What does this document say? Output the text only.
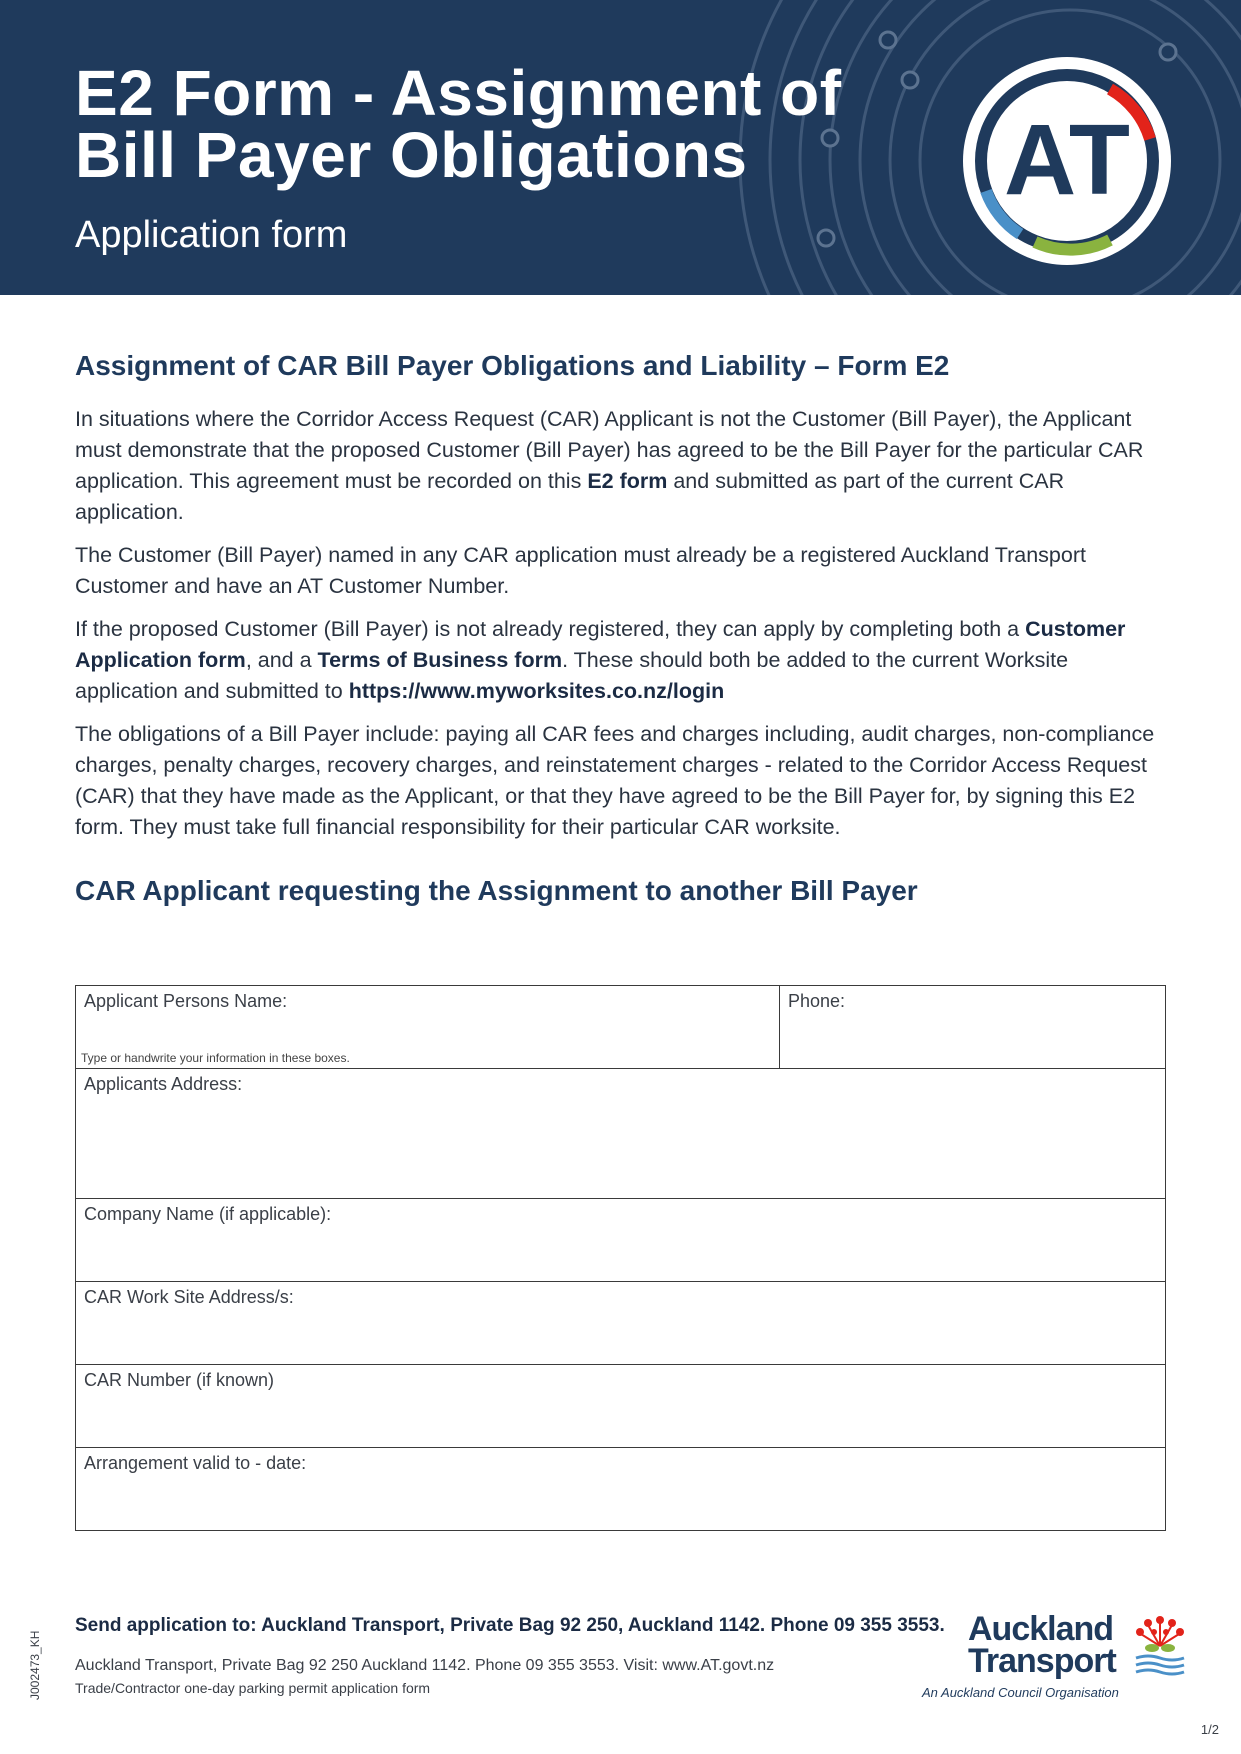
E2 Form - Assignment of
Bill Payer Obligations
Application form
AT
Assignment of CAR Bill Payer Obligations and Liability – Form E2

In situations where the Corridor Access Request (CAR) Applicant is not the Customer (Bill Payer), the Applicant must demonstrate that the proposed Customer (Bill Payer) has agreed to be the Bill Payer for the particular CAR application. This agreement must be recorded on this E2 form and submitted as part of the current CAR application.

The Customer (Bill Payer) named in any CAR application must already be a registered Auckland Transport Customer and have an AT Customer Number.

If the proposed Customer (Bill Payer) is not already registered, they can apply by completing both a Customer Application form, and a Terms of Business form. These should both be added to the current Worksite application and submitted to https://www.myworksites.co.nz/login

The obligations of a Bill Payer include: paying all CAR fees and charges including, audit charges, non-compliance charges, penalty charges, recovery charges, and reinstatement charges - related to the Corridor Access Request (CAR) that they have made as the Applicant, or that they have agreed to be the Bill Payer for, by signing this E2 form. They must take full financial responsibility for their particular CAR worksite.

CAR Applicant requesting the Assignment to another Bill Payer
Applicant Persons Name:
Type or handwrite your information in these boxes.
Phone:
Applicants Address:
Company Name (if applicable):
CAR Work Site Address/s:
CAR Number (if known)
Arrangement valid to - date:
J002473_KH
Send application to: Auckland Transport, Private Bag 92 250, Auckland 1142. Phone 09 355 3553.
Auckland Transport, Private Bag 92 250 Auckland 1142. Phone 09 355 3553. Visit: www.AT.govt.nz
Trade/Contractor one-day parking permit application form
Auckland
Transport
An Auckland Council Organisation
1/2
